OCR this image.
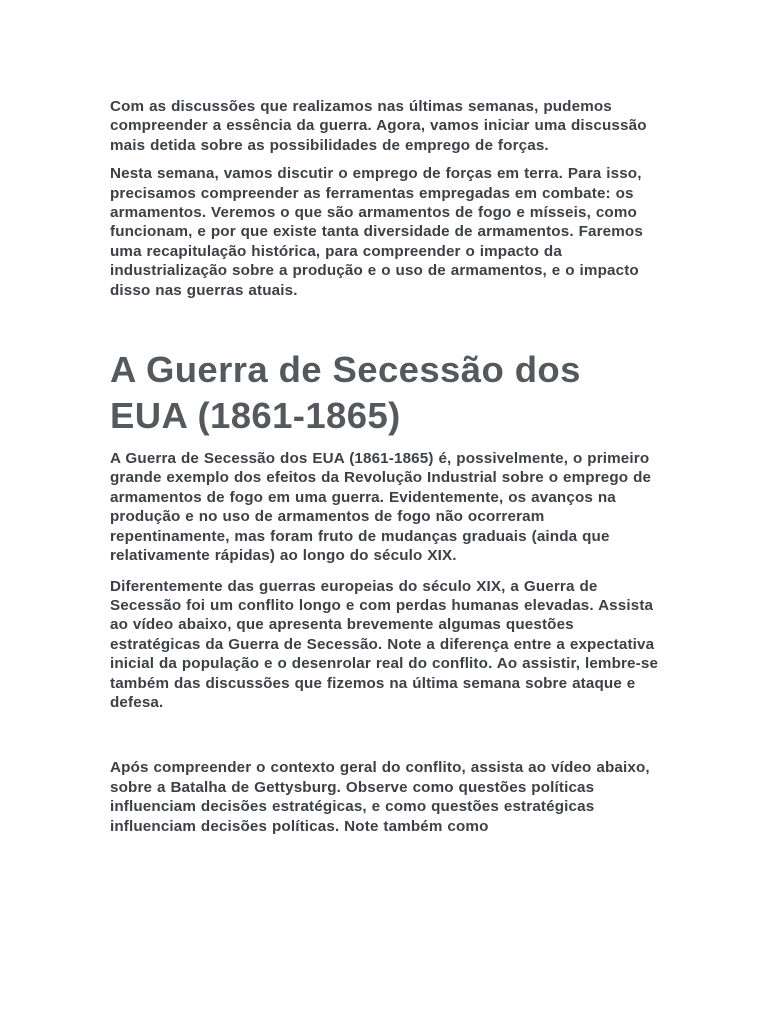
Com as discussões que realizamos nas últimas semanas, pudemos compreender a essência da guerra. Agora, vamos iniciar uma discussão mais detida sobre as possibilidades de emprego de forças.

Nesta semana, vamos discutir o emprego de forças em terra. Para isso, precisamos compreender as ferramentas empregadas em combate: os armamentos. Veremos o que são armamentos de fogo e mísseis, como funcionam, e por que existe tanta diversidade de armamentos. Faremos uma recapitulação histórica, para compreender o impacto da industrialização sobre a produção e o uso de armamentos, e o impacto disso nas guerras atuais.

A Guerra de Secessão dos EUA (1861-1865)

A Guerra de Secessão dos EUA (1861-1865) é, possivelmente, o primeiro grande exemplo dos efeitos da Revolução Industrial sobre o emprego de armamentos de fogo em uma guerra. Evidentemente, os avanços na produção e no uso de armamentos de fogo não ocorreram repentinamente, mas foram fruto de mudanças graduais (ainda que relativamente rápidas) ao longo do século XIX.

Diferentemente das guerras europeias do século XIX, a Guerra de Secessão foi um conflito longo e com perdas humanas elevadas. Assista ao vídeo abaixo, que apresenta brevemente algumas questões estratégicas da Guerra de Secessão. Note a diferença entre a expectativa inicial da população e o desenrolar real do conflito. Ao assistir, lembre-se também das discussões que fizemos na última semana sobre ataque e defesa.

Após compreender o contexto geral do conflito, assista ao vídeo abaixo, sobre a Batalha de Gettysburg. Observe como questões políticas influenciam decisões estratégicas, e como questões estratégicas influenciam decisões políticas. Note também como
